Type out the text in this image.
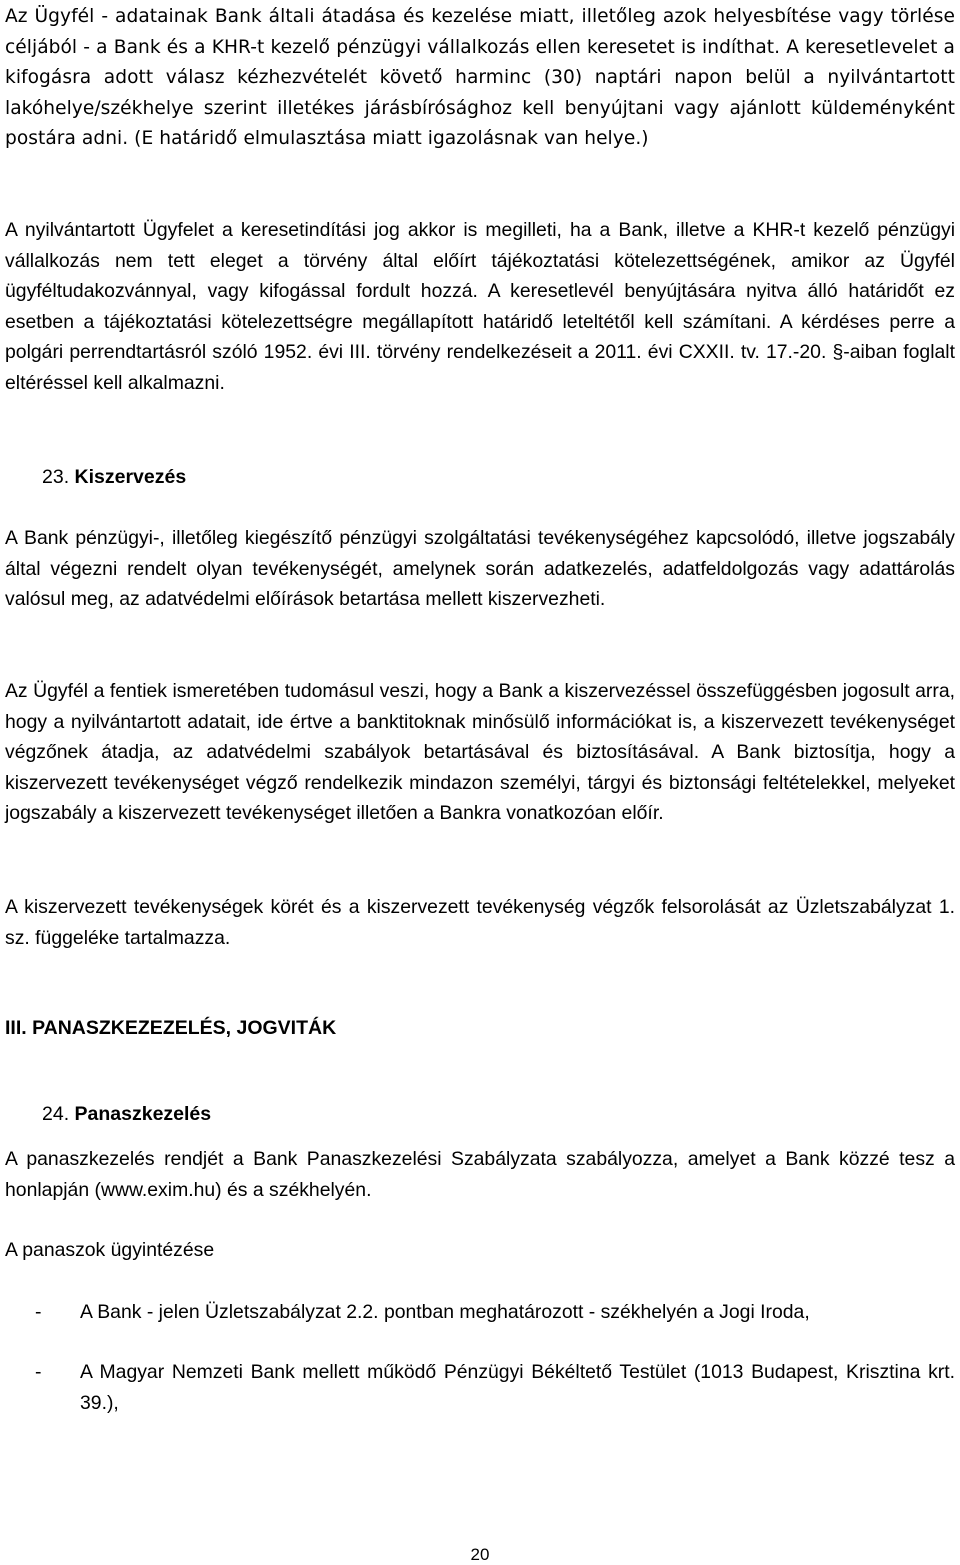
Az Ügyfél - adatainak Bank általi átadása és kezelése miatt, illetőleg azok helyesbítése vagy törlése céljából - a Bank és a KHR-t kezelő pénzügyi vállalkozás ellen keresetet is indíthat. A keresetlevelet a kifogásra adott válasz kézhezvételét követő harminc (30) naptári napon belül a nyilvántartott lakóhelye/székhelye szerint illetékes járásbírósághoz kell benyújtani vagy ajánlott küldeményként postára adni. (E határidő elmulasztása miatt igazolásnak van helye.)

A nyilvántartott Ügyfelet a keresetindítási jog akkor is megilleti, ha a Bank, illetve a KHR-t kezelő pénzügyi vállalkozás nem tett eleget a törvény által előírt tájékoztatási kötelezettségének, amikor az Ügyfél ügyféltudakozvánnyal, vagy kifogással fordult hozzá. A keresetlevél benyújtására nyitva álló határidőt ez esetben a tájékoztatási kötelezettségre megállapított határidő leteltétől kell számítani. A kérdéses perre a polgári perrendtartásról szóló 1952. évi III. törvény rendelkezéseit a 2011. évi CXXII. tv. 17.-20. §-aiban foglalt eltéréssel kell alkalmazni.

23. Kiszervezés

A Bank pénzügyi-, illetőleg kiegészítő pénzügyi szolgáltatási tevékenységéhez kapcsolódó, illetve jogszabály által végezni rendelt olyan tevékenységét, amelynek során adatkezelés, adatfeldolgozás vagy adattárolás valósul meg, az adatvédelmi előírások betartása mellett kiszervezheti.

Az Ügyfél a fentiek ismeretében tudomásul veszi, hogy a Bank a kiszervezéssel összefüggésben jogosult arra, hogy a nyilvántartott adatait, ide értve a banktitoknak minősülő információkat is, a kiszervezett tevékenységet végzőnek átadja, az adatvédelmi szabályok betartásával és biztosításával. A Bank biztosítja, hogy a kiszervezett tevékenységet végző rendelkezik mindazon személyi, tárgyi és biztonsági feltételekkel, melyeket jogszabály a kiszervezett tevékenységet illetően a Bankra vonatkozóan előír.

A kiszervezett tevékenységek körét és a kiszervezett tevékenység végzők felsorolását az Üzletszabályzat 1. sz. függeléke tartalmazza.

III. PANASZKEZEZELÉS, JOGVITÁK
24. Panaszkezelés

A panaszkezelés rendjét a Bank Panaszkezelési Szabályzata szabályozza, amelyet a Bank közzé tesz a honlapján (www.exim.hu) és a székhelyén.

A panaszok ügyintézése

- A Bank - jelen Üzletszabályzat 2.2. pontban meghatározott - székhelyén a Jogi Iroda,
- A Magyar Nemzeti Bank mellett működő Pénzügyi Békéltető Testület (1013 Budapest, Krisztina krt. 39.),
20
